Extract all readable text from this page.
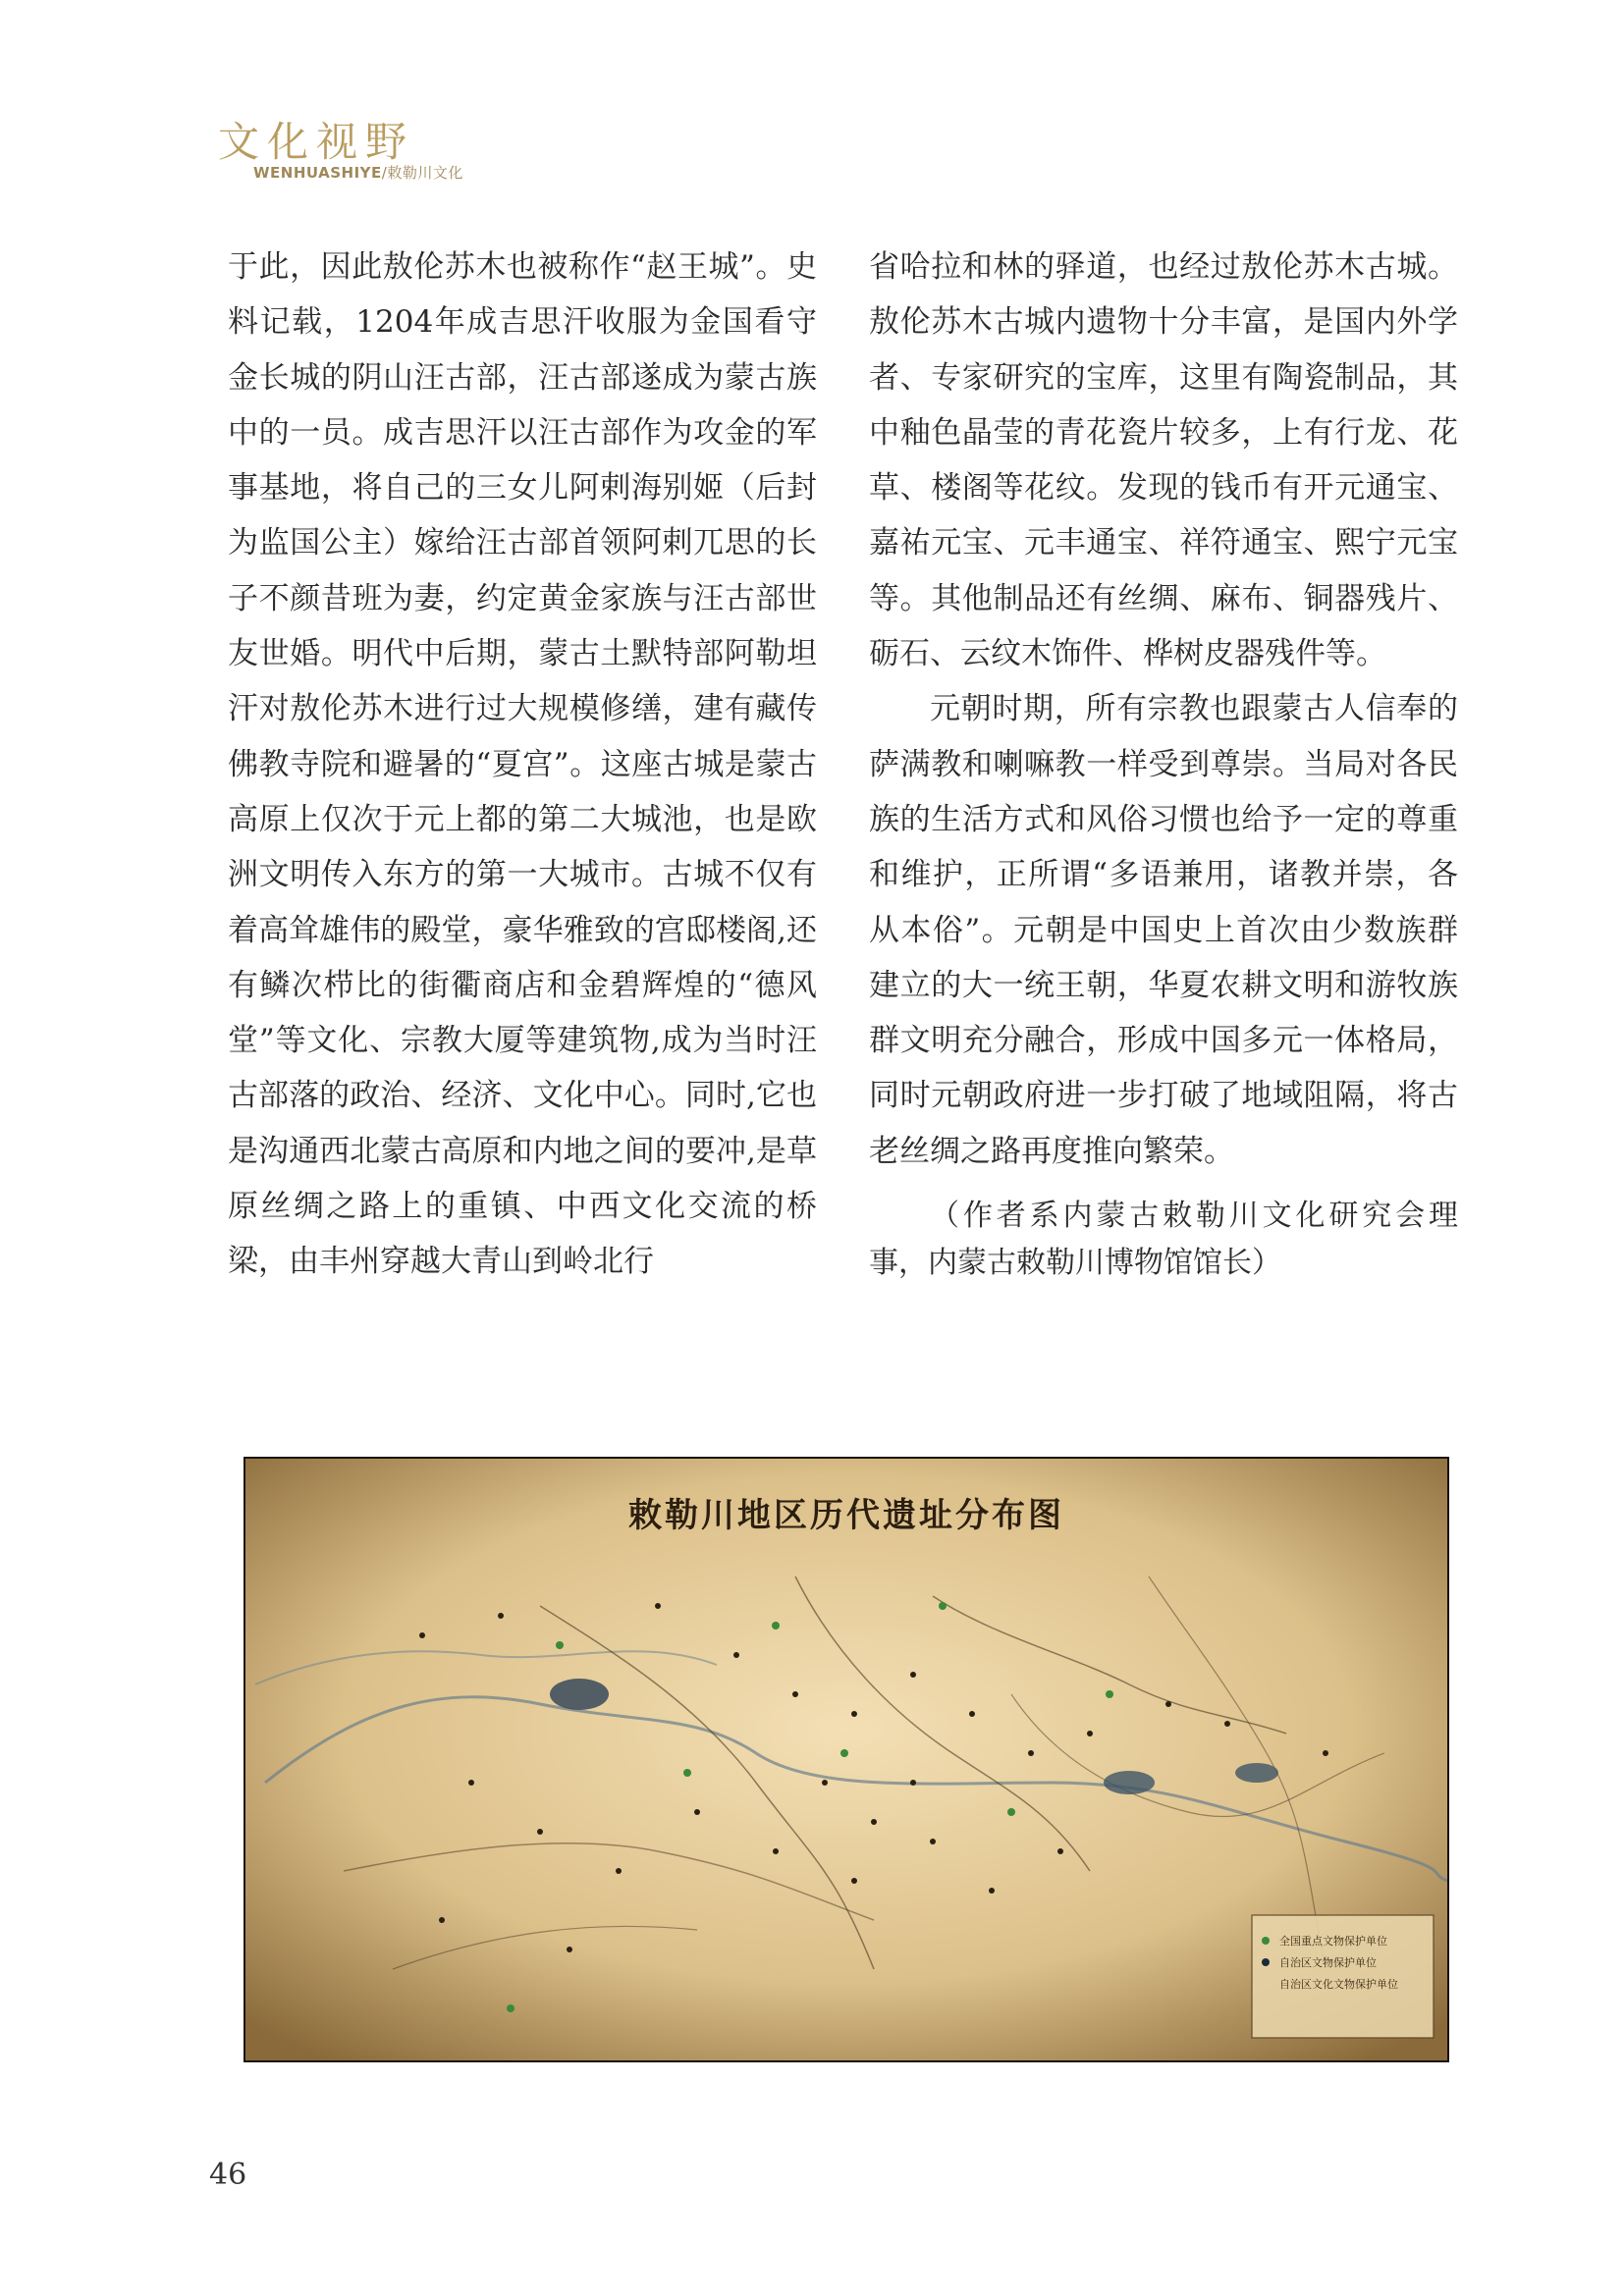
文化视野
WENHUASHIYE/敕勒川文化

于此，因此敖伦苏木也被称作“赵王城”。史料记载，1204年成吉思汗收服为金国看守金长城的阴山汪古部，汪古部遂成为蒙古族中的一员。成吉思汗以汪古部作为攻金的军事基地，将自己的三女儿阿剌海别姬（后封为监国公主）嫁给汪古部首领阿剌兀思的长子不颜昔班为妻，约定黄金家族与汪古部世友世婚。明代中后期，蒙古土默特部阿勒坦汗对敖伦苏木进行过大规模修缮，建有藏传佛教寺院和避暑的“夏宫”。这座古城是蒙古高原上仅次于元上都的第二大城池，也是欧洲文明传入东方的第一大城市。古城不仅有着高耸雄伟的殿堂，豪华雅致的宫邸楼阁,还有鳞次栉比的街衢商店和金碧辉煌的“德风堂”等文化、宗教大厦等建筑物,成为当时汪古部落的政治、经济、文化中心。同时,它也是沟通西北蒙古高原和内地之间的要冲,是草原丝绸之路上的重镇、中西文化交流的桥梁，由丰州穿越大青山到岭北行

省哈拉和林的驿道，也经过敖伦苏木古城。敖伦苏木古城内遗物十分丰富，是国内外学者、专家研究的宝库，这里有陶瓷制品，其中釉色晶莹的青花瓷片较多，上有行龙、花草、楼阁等花纹。发现的钱币有开元通宝、嘉祐元宝、元丰通宝、祥符通宝、熙宁元宝等。其他制品还有丝绸、麻布、铜器残片、砺石、云纹木饰件、桦树皮器残件等。

元朝时期，所有宗教也跟蒙古人信奉的萨满教和喇嘛教一样受到尊崇。当局对各民族的生活方式和风俗习惯也给予一定的尊重和维护，正所谓“多语兼用，诸教并崇，各从本俗”。元朝是中国史上首次由少数族群建立的大一统王朝，华夏农耕文明和游牧族群文明充分融合，形成中国多元一体格局，同时元朝政府进一步打破了地域阻隔，将古老丝绸之路再度推向繁荣。

（作者系内蒙古敕勒川文化研究会理事，内蒙古敕勒川博物馆馆长）

敕勒川地区历代遗址分布图
全国重点文物保护单位
自治区文物保护单位
自治区文化文物保护单位
46
